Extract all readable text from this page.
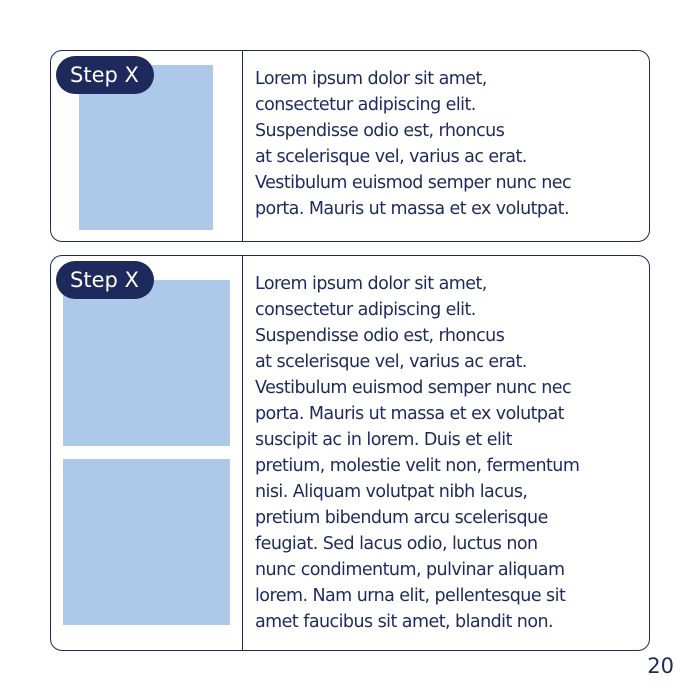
Step X	Lorem ipsum dolor sit amet,
consectetur adipiscing elit.
Suspendisse odio est, rhoncus
at scelerisque vel, varius ac erat.
Vestibulum euismod semper nunc nec
porta. Mauris ut massa et ex volutpat.
Step X	Lorem ipsum dolor sit amet,
consectetur adipiscing elit.
Suspendisse odio est, rhoncus
at scelerisque vel, varius ac erat.
Vestibulum euismod semper nunc nec
porta. Mauris ut massa et ex volutpat
suscipit ac in lorem. Duis et elit
pretium, molestie velit non, fermentum
nisi. Aliquam volutpat nibh lacus,
pretium bibendum arcu scelerisque
feugiat. Sed lacus odio, luctus non
nunc condimentum, pulvinar aliquam
lorem. Nam urna elit, pellentesque sit
amet faucibus sit amet, blandit non.
20
